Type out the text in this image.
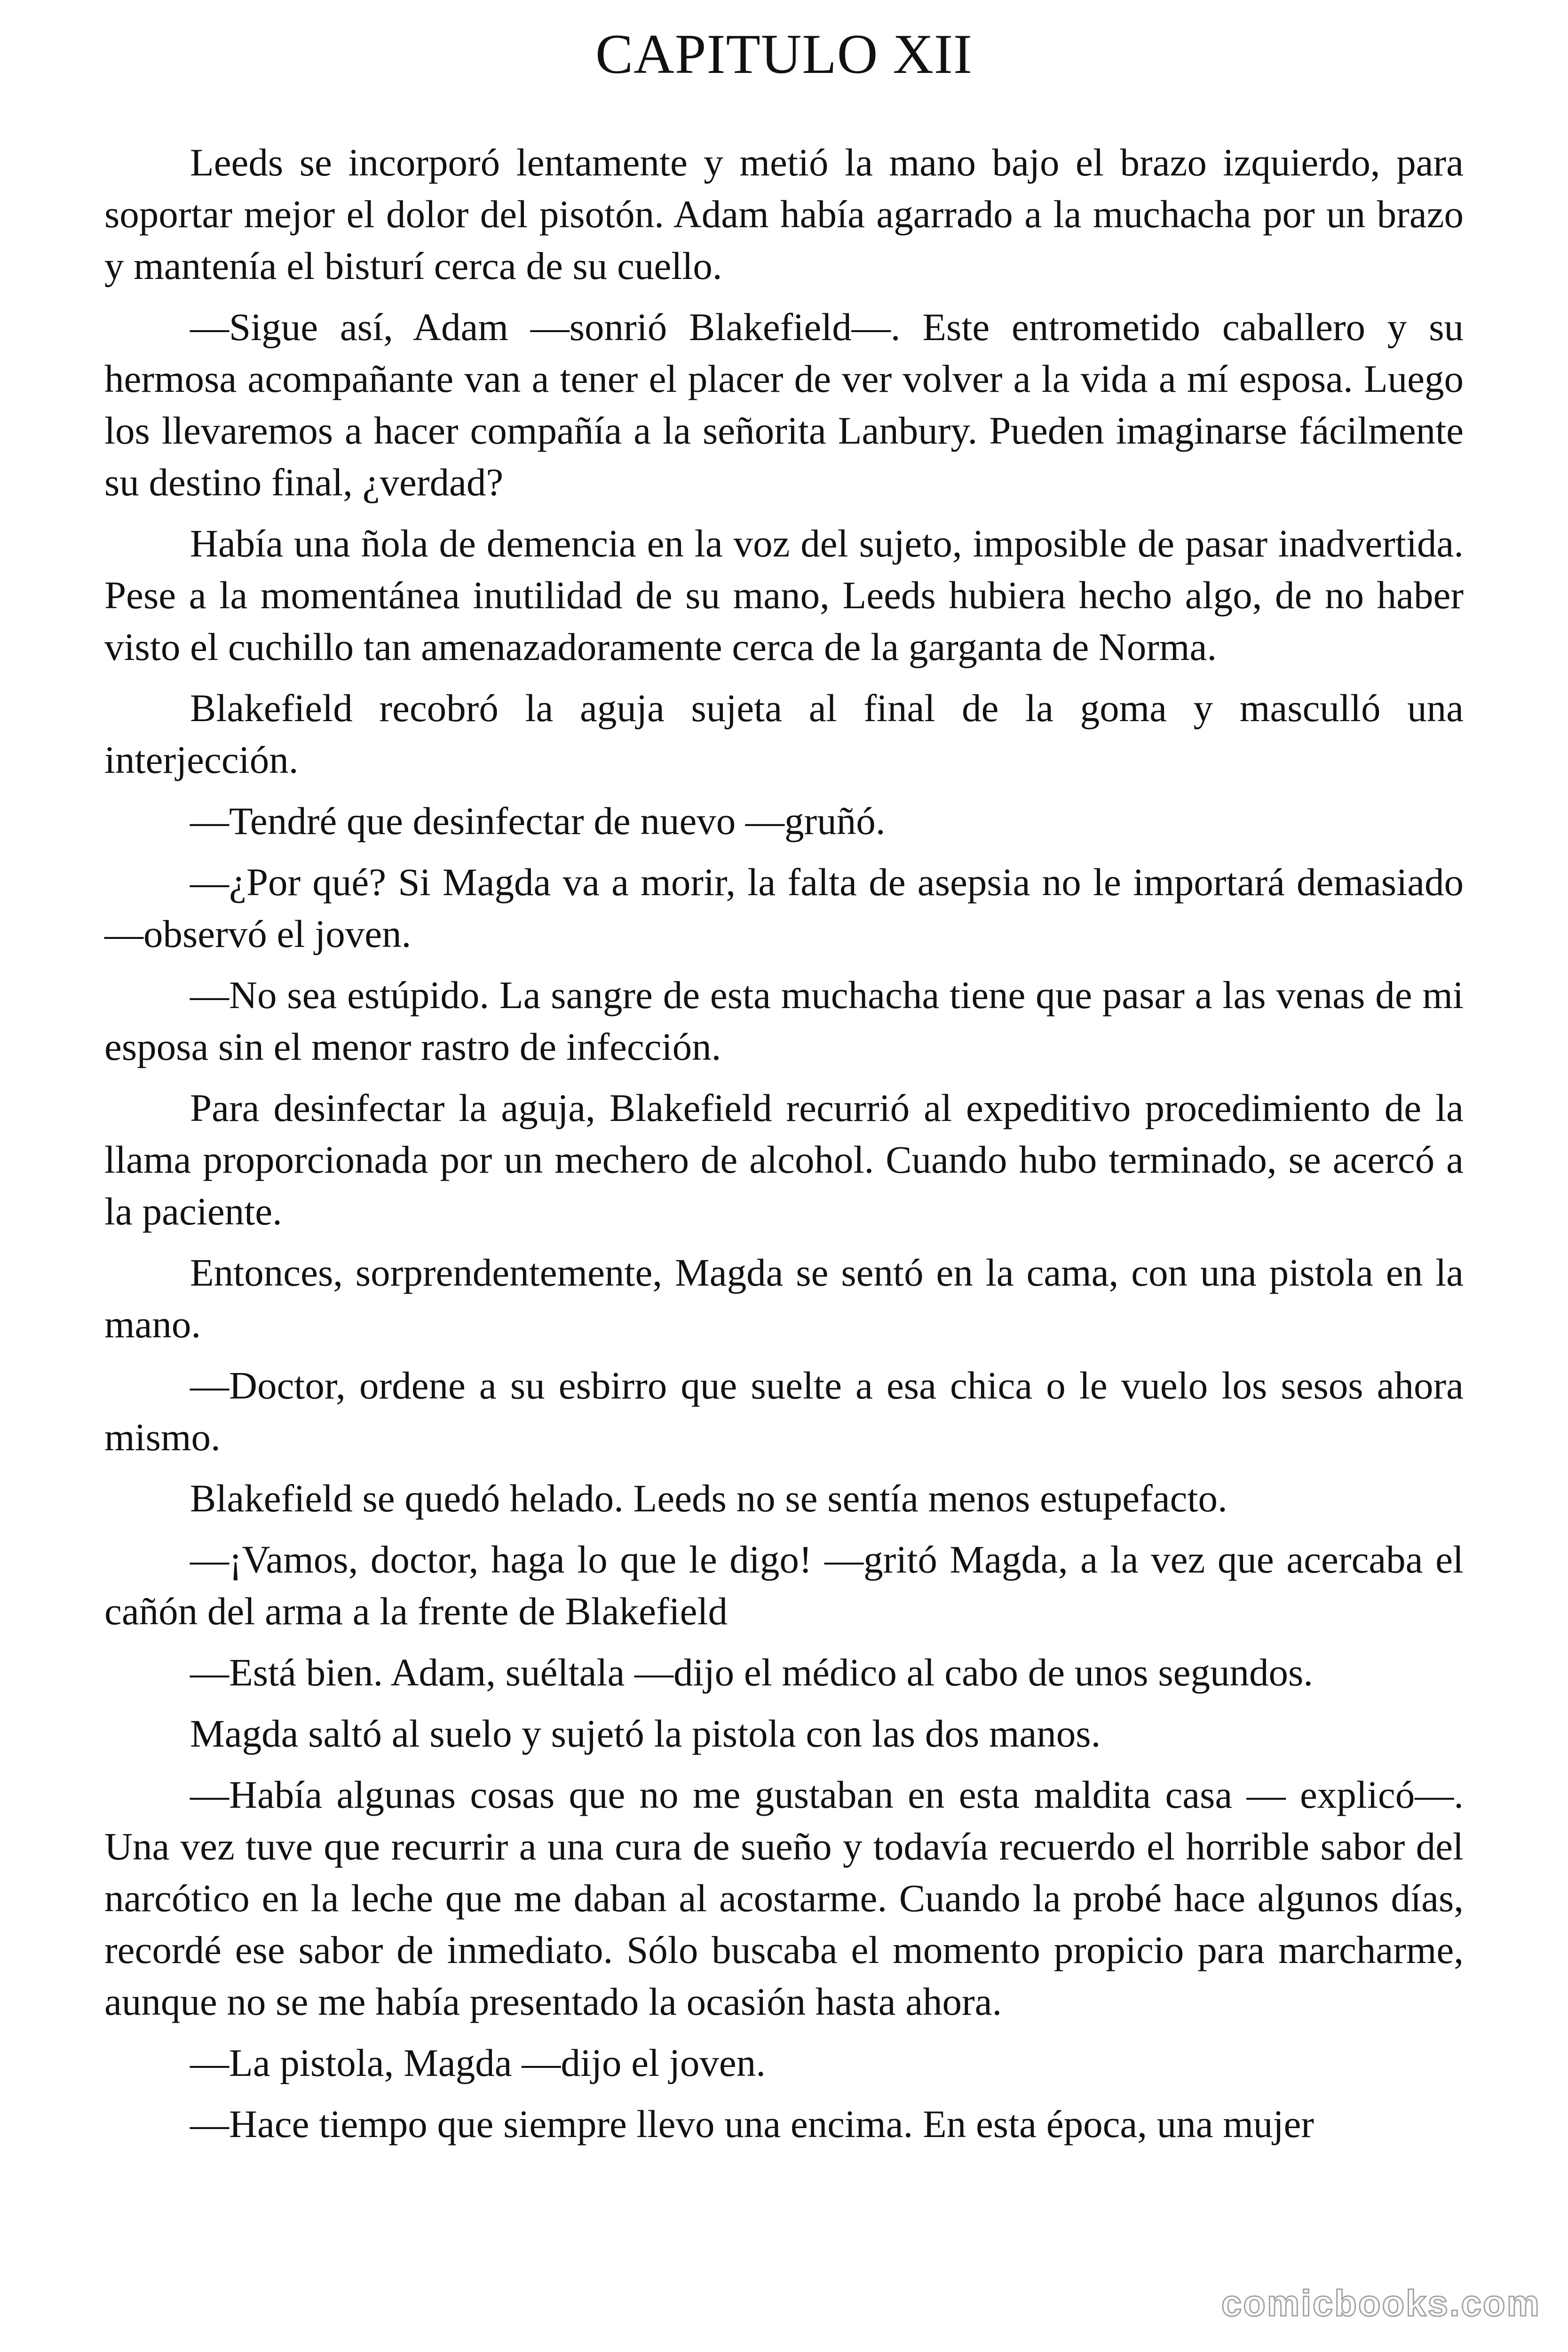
CAPITULO XII

Leeds se incorporó lentamente y metió la mano bajo el brazo izquierdo, para soportar mejor el dolor del pisotón. Adam había agarrado a la muchacha por un brazo y mantenía el bisturí cerca de su cuello.

—Sigue así, Adam —sonrió Blakefield—. Este entrometido caballero y su hermosa acompañante van a tener el placer de ver volver a la vida a mí esposa. Luego los llevaremos a hacer compañía a la señorita Lanbury. Pueden imaginarse fácilmente su destino final, ¿verdad?

Había una ñola de demencia en la voz del sujeto, imposible de pasar inadvertida. Pese a la momentánea inutilidad de su mano, Leeds hubiera hecho algo, de no haber visto el cuchillo tan amenazadoramente cerca de la garganta de Norma.

Blakefield recobró la aguja sujeta al final de la goma y masculló una interjección.

—Tendré que desinfectar de nuevo —gruñó.

—¿Por qué? Si Magda va a morir, la falta de asepsia no le importará demasiado —observó el joven.

—No sea estúpido. La sangre de esta muchacha tiene que pasar a las venas de mi esposa sin el menor rastro de infección.

Para desinfectar la aguja, Blakefield recurrió al expeditivo procedimiento de la llama proporcionada por un mechero de alcohol. Cuando hubo terminado, se acercó a la paciente.

Entonces, sorprendentemente, Magda se sentó en la cama, con una pistola en la mano.

—Doctor, ordene a su esbirro que suelte a esa chica o le vuelo los sesos ahora mismo.

Blakefield se quedó helado. Leeds no se sentía menos estupefacto.

—¡Vamos, doctor, haga lo que le digo! —gritó Magda, a la vez que acercaba el cañón del arma a la frente de Blakefield

—Está bien. Adam, suéltala —dijo el médico al cabo de unos segundos.

Magda saltó al suelo y sujetó la pistola con las dos manos.

—Había algunas cosas que no me gustaban en esta maldita casa — explicó—. Una vez tuve que recurrir a una cura de sueño y todavía recuerdo el horrible sabor del narcótico en la leche que me daban al acostarme. Cuando la probé hace algunos días, recordé ese sabor de inmediato. Sólo buscaba el momento propicio para marcharme, aunque no se me había presentado la ocasión hasta ahora.

—La pistola, Magda —dijo el joven.

—Hace tiempo que siempre llevo una encima. En esta época, una mujer

comicbooks.com
